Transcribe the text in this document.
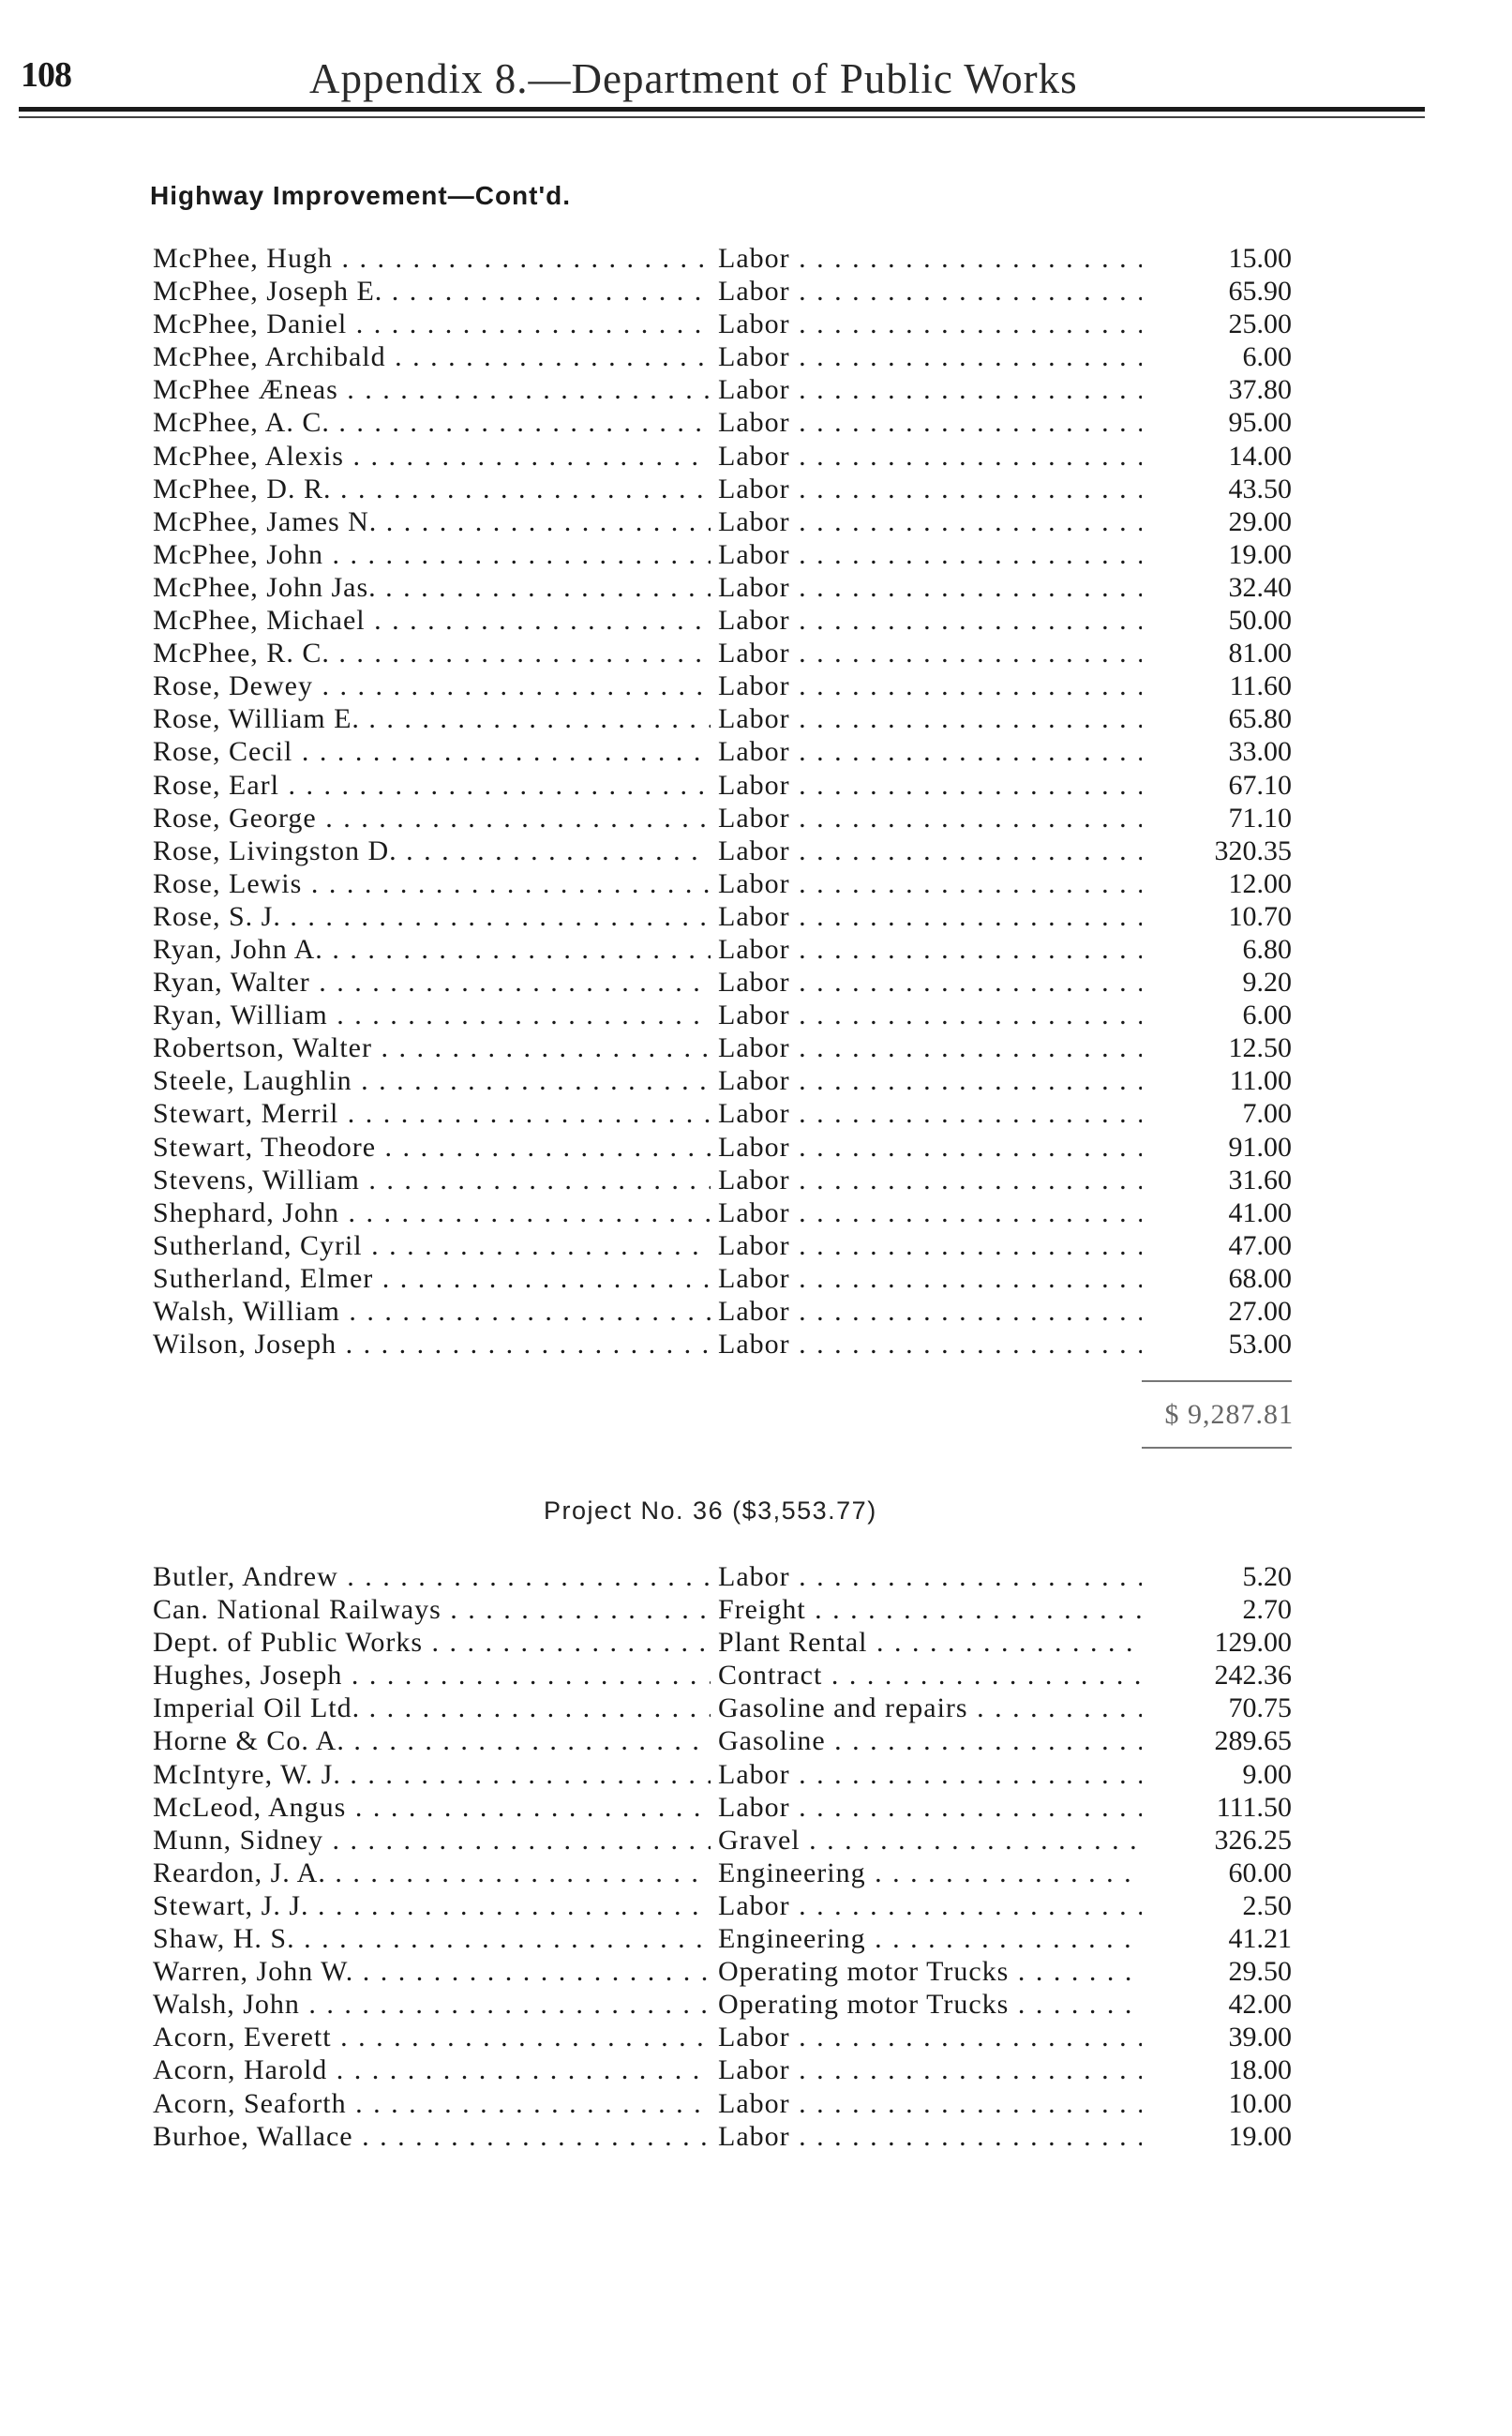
108	Appendix 8.—Department of Public Works
Highway Improvement—Cont'd.
McPhee, Hugh . . .	Labor . . .	15.00
McPhee, Joseph E. . . .	Labor . . .	65.90
McPhee, Daniel . . .	Labor . . .	25.00
McPhee, Archibald . . .	Labor . . .	6.00
McPhee Æneas . . .	Labor . . .	37.80
McPhee, A. C. . . .	Labor . . .	95.00
McPhee, Alexis . . .	Labor . . .	14.00
McPhee, D. R. . . .	Labor . . .	43.50
McPhee, James N. . . .	Labor . . .	29.00
McPhee, John . . .	Labor . . .	19.00
McPhee, John Jas. . . .	Labor . . .	32.40
McPhee, Michael . . .	Labor . . .	50.00
McPhee, R. C. . . .	Labor . . .	81.00
Rose, Dewey . . .	Labor . . .	11.60
Rose, William E. . . .	Labor . . .	65.80
Rose, Cecil . . .	Labor . . .	33.00
Rose, Earl . . .	Labor . . .	67.10
Rose, George . . .	Labor . . .	71.10
Rose, Livingston D. . . .	Labor . . .	320.35
Rose, Lewis . . .	Labor . . .	12.00
Rose, S. J. . . .	Labor . . .	10.70
Ryan, John A. . . .	Labor . . .	6.80
Ryan, Walter . . .	Labor . . .	9.20
Ryan, William . . .	Labor . . .	6.00
Robertson, Walter . . .	Labor . . .	12.50
Steele, Laughlin . . .	Labor . . .	11.00
Stewart, Merril . . .	Labor . . .	7.00
Stewart, Theodore . . .	Labor . . .	91.00
Stevens, William . . .	Labor . . .	31.60
Shephard, John . . .	Labor . . .	41.00
Sutherland, Cyril . . .	Labor . . .	47.00
Sutherland, Elmer . . .	Labor . . .	68.00
Walsh, William . . .	Labor . . .	27.00
Wilson, Joseph . . .	Labor . . .	53.00
$ 9,287.81
Project No. 36 ($3,553.77)
Butler, Andrew . . .	Labor . . .	5.20
Can. National Railways . . .	Freight . . .	2.70
Dept. of Public Works . . .	Plant Rental . . .	129.00
Hughes, Joseph . . .	Contract . . .	242.36
Imperial Oil Ltd. . . .	Gasoline and repairs . . .	70.75
Horne & Co. A. . . .	Gasoline . . .	289.65
McIntyre, W. J. . . .	Labor . . .	9.00
McLeod, Angus . . .	Labor . . .	111.50
Munn, Sidney . . .	Gravel . . .	326.25
Reardon, J. A. . . .	Engineering . . .	60.00
Stewart, J. J. . . .	Labor . . .	2.50
Shaw, H. S. . . .	Engineering . . .	41.21
Warren, John W. . . .	Operating motor Trucks . . .	29.50
Walsh, John . . .	Operating motor Trucks . . .	42.00
Acorn, Everett . . .	Labor . . .	39.00
Acorn, Harold . . .	Labor . . .	18.00
Acorn, Seaforth . . .	Labor . . .	10.00
Burhoe, Wallace . . .	Labor . . .	19.00
